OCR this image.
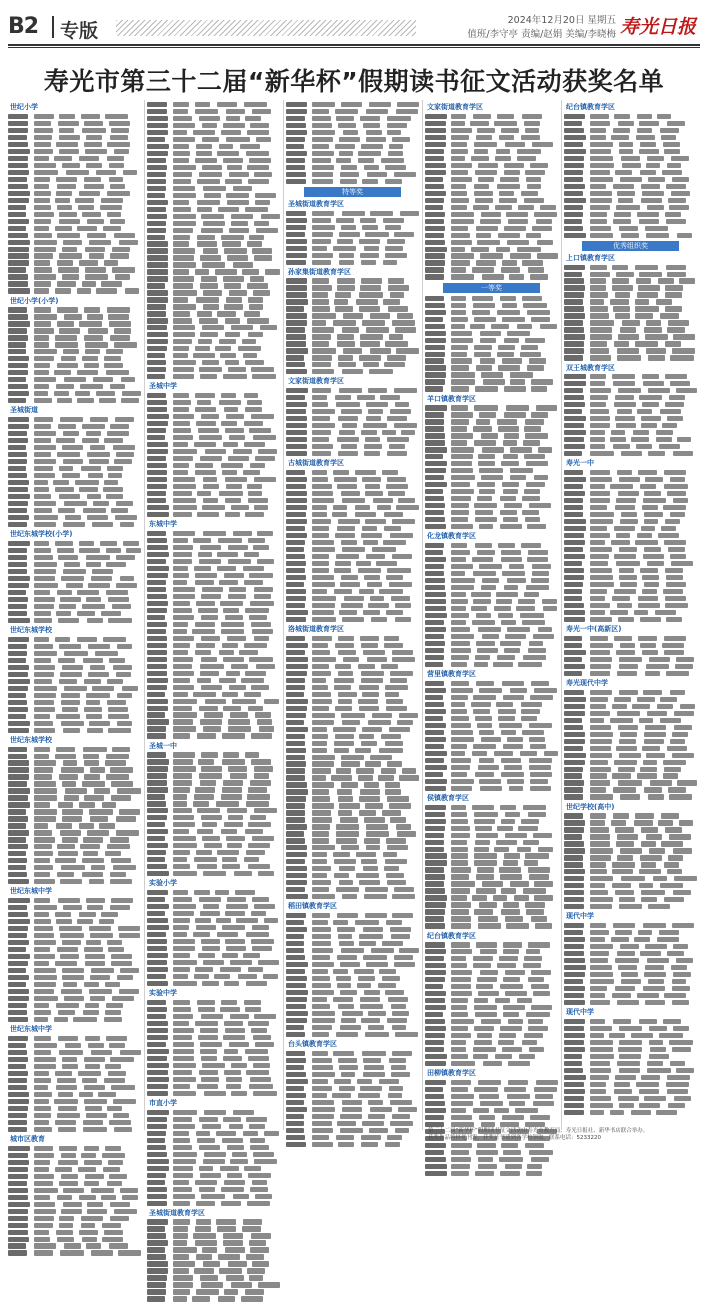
B2 专版	2024年12月20日 星期五
值班/李守亭 责编/赵娟 美编/李晓梅 寿光日报
寿光市第三十二届“新华杯”假期读书征文活动获奖名单
世纪小学
世纪小学(小学)
圣城街道
世纪东城学校(小学)
世纪东城学校
世纪东城学校
世纪东城中学
世纪东城中学
城市区教育
圣城中学
东城中学
圣城一中
实验小学
实验中学
市直小学
圣城街道教育学区
特等奖
圣城街道教育学区
孙家集街道教育学区
文家街道教育学区
古城街道教育学区
洛城街道教育学区
稻田镇教育学区
台头镇教育学区
文家街道教育学区
一等奖
羊口镇教育学区
化龙镇教育学区
营里镇教育学区
侯镇教育学区
纪台镇教育学区
田柳镇教育学区
纪台镇教育学区
优秀组织奖
上口镇教育学区
双王城教育学区
寿光一中
寿光一中(高新区)
寿光现代中学
世纪学校(高中)
现代中学
现代中学
第三十二届“新华杯”假期读书征文活动由寿光市教育局、寿光日报社、新华书店联合举办。
获奖作品将择优刊发，获奖证书请到各学校领取。联系电话：5233220
